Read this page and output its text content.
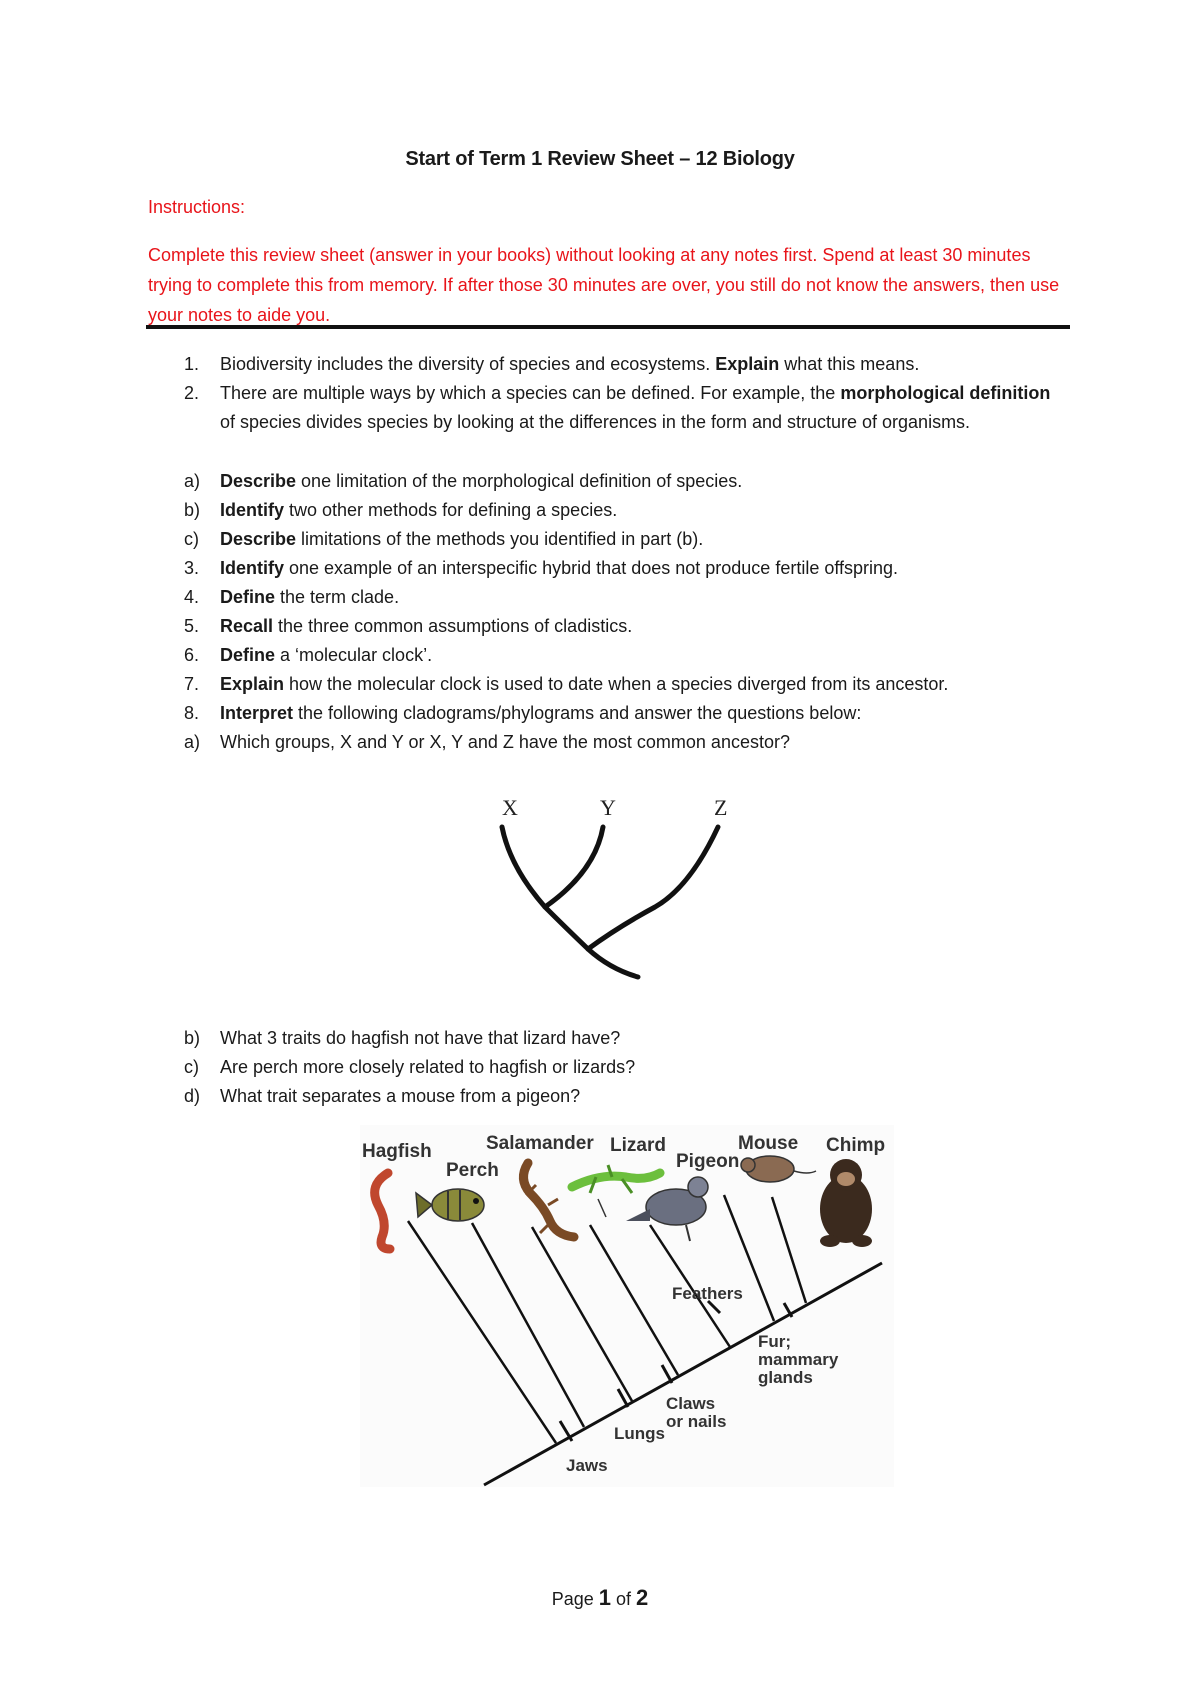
Start of Term 1 Review Sheet – 12 Biology
Instructions:
Complete this review sheet (answer in your books) without looking at any notes first. Spend at least 30 minutes trying to complete this from memory. If after those 30 minutes are over, you still do not know the answers, then use your notes to aide you.
1.	Biodiversity includes the diversity of species and ecosystems. Explain what this means.
2.	There are multiple ways by which a species can be defined. For example, the morphological definition of species divides species by looking at the differences in the form and structure of organisms.
a)	Describe one limitation of the morphological definition of species.
b)	Identify two other methods for defining a species.
c)	Describe limitations of the methods you identified in part (b).
3.	Identify one example of an interspecific hybrid that does not produce fertile offspring.
4.	Define the term clade.
5.	Recall the three common assumptions of cladistics.
6.	Define a ‘molecular clock’.
7.	Explain how the molecular clock is used to date when a species diverged from its ancestor.
8.	Interpret the following cladograms/phylograms and answer the questions below:
a)	Which groups, X and Y or X, Y and Z have the most common ancestor?
X	Y	Z
b)	What 3 traits do hagfish not have that lizard have?
c)	Are perch more closely related to hagfish or lizards?
d)	What trait separates a mouse from a pigeon?
Hagfish
Perch
Salamander Lizard
Pigeon
Mouse Chimp
Jaws
Lungs
Claws
or nails
Feathers
Fur;
mammary
glands
Page 1 of 2
